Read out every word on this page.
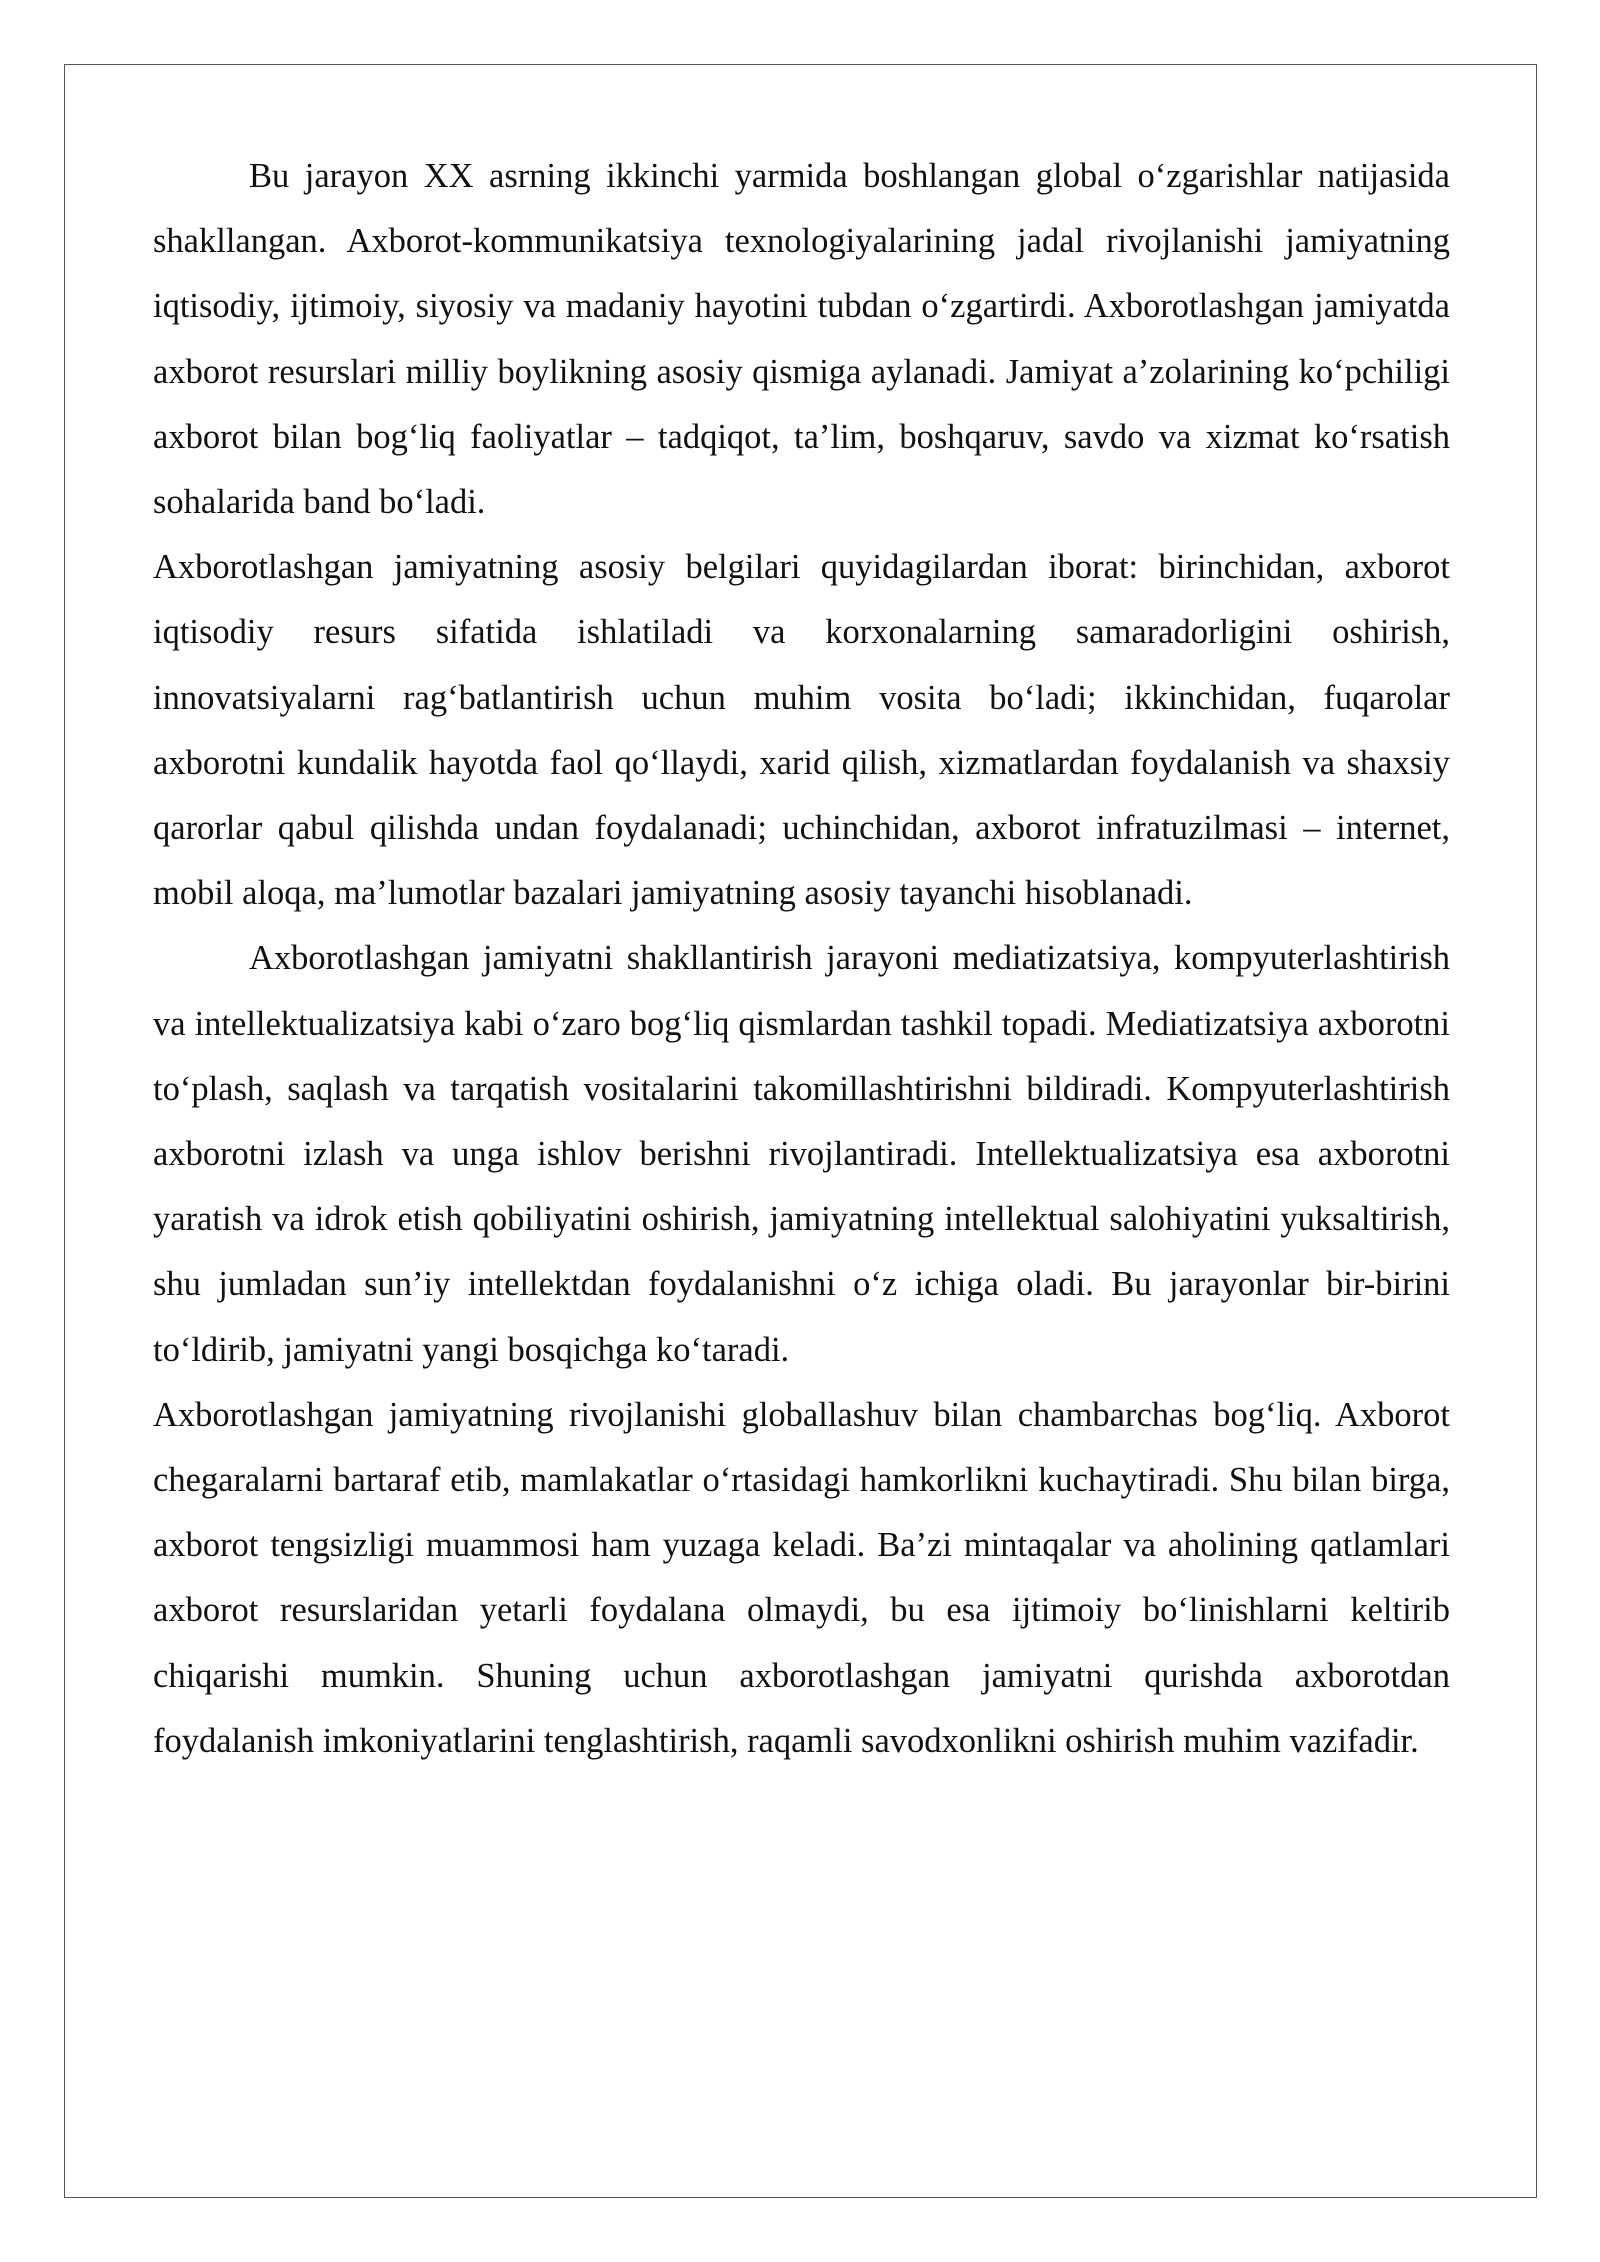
Bu jarayon XX asrning ikkinchi yarmida boshlangan global o‘zgarishlar natijasida shakllangan. Axborot-kommunikatsiya texnologiyalarining jadal rivojlanishi jamiyatning iqtisodiy, ijtimoiy, siyosiy va madaniy hayotini tubdan o‘zgartirdi. Axborotlashgan jamiyatda axborot resurslari milliy boylikning asosiy qismiga aylanadi. Jamiyat a’zolarining ko‘pchiligi axborot bilan bog‘liq faoliyatlar – tadqiqot, ta’lim, boshqaruv, savdo va xizmat ko‘rsatish sohalarida band bo‘ladi.

Axborotlashgan jamiyatning asosiy belgilari quyidagilardan iborat: birinchidan, axborot iqtisodiy resurs sifatida ishlatiladi va korxonalarning samaradorligini oshirish, innovatsiyalarni rag‘batlantirish uchun muhim vosita bo‘ladi; ikkinchidan, fuqarolar axborotni kundalik hayotda faol qo‘llaydi, xarid qilish, xizmatlardan foydalanish va shaxsiy qarorlar qabul qilishda undan foydalanadi; uchinchidan, axborot infratuzilmasi – internet, mobil aloqa, ma’lumotlar bazalari jamiyatning asosiy tayanchi hisoblanadi.

Axborotlashgan jamiyatni shakllantirish jarayoni mediatizatsiya, kompyuterlashtirish va intellektualizatsiya kabi o‘zaro bog‘liq qismlardan tashkil topadi. Mediatizatsiya axborotni to‘plash, saqlash va tarqatish vositalarini takomillashtirishni bildiradi. Kompyuterlashtirish axborotni izlash va unga ishlov berishni rivojlantiradi. Intellektualizatsiya esa axborotni yaratish va idrok etish qobiliyatini oshirish, jamiyatning intellektual salohiyatini yuksaltirish, shu jumladan sun’iy intellektdan foydalanishni o‘z ichiga oladi. Bu jarayonlar bir-birini to‘ldirib, jamiyatni yangi bosqichga ko‘taradi.

Axborotlashgan jamiyatning rivojlanishi globallashuv bilan chambarchas bog‘liq. Axborot chegaralarni bartaraf etib, mamlakatlar o‘rtasidagi hamkorlikni kuchaytiradi. Shu bilan birga, axborot tengsizligi muammosi ham yuzaga keladi. Ba’zi mintaqalar va aholining qatlamlari axborot resurslaridan yetarli foydalana olmaydi, bu esa ijtimoiy bo‘linishlarni keltirib chiqarishi mumkin. Shuning uchun axborotlashgan jamiyatni qurishda axborotdan foydalanish imkoniyatlarini tenglashtirish, raqamli savodxonlikni oshirish muhim vazifadir.
